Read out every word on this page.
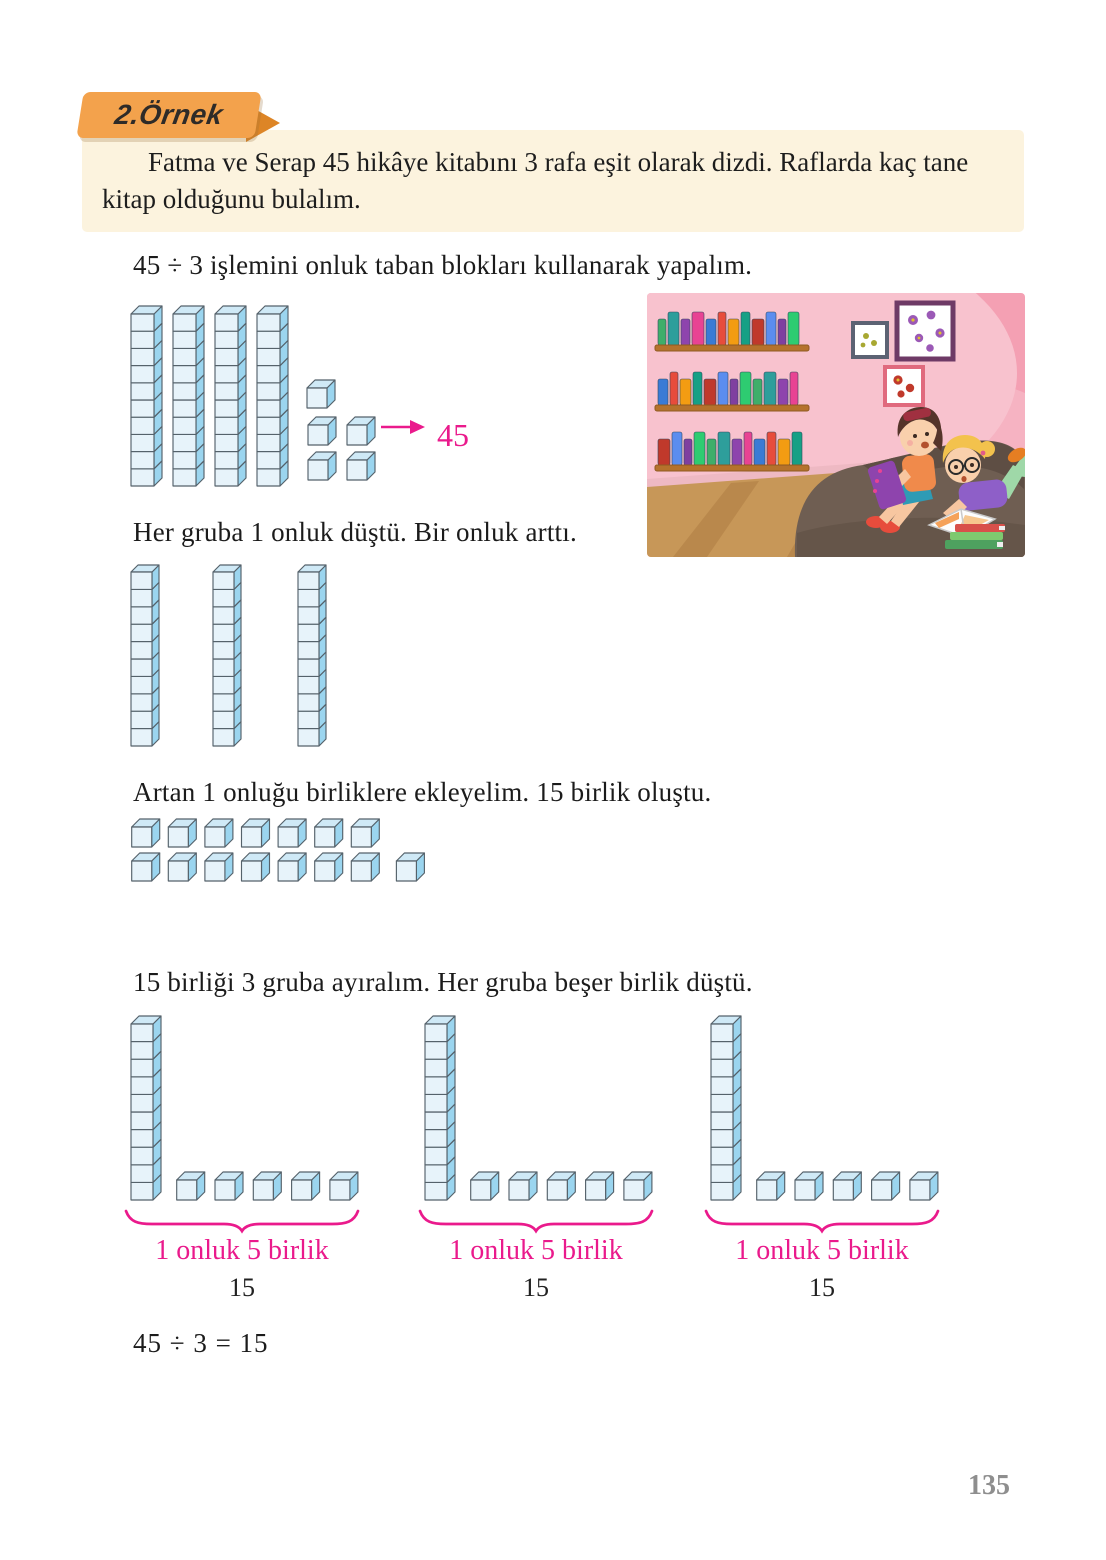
2.Örnek

Fatma ve Serap 45 hikâye kitabını 3 rafa eşit olarak dizdi. Raflarda kaç tane kitap olduğunu bulalım.

45 ÷ 3 işlemini onluk taban blokları kullanarak yapalım.
Her gruba 1 onluk düştü. Bir onluk arttı.
Artan 1 onluğu birliklere ekleyelim. 15 birlik oluştu.
15 birliği 3 gruba ayıralım. Her gruba beşer birlik düştü.
45
1 onluk 5 birlik
15
1 onluk 5 birlik
15
1 onluk 5 birlik
15
45 ÷ 3 = 15
135
